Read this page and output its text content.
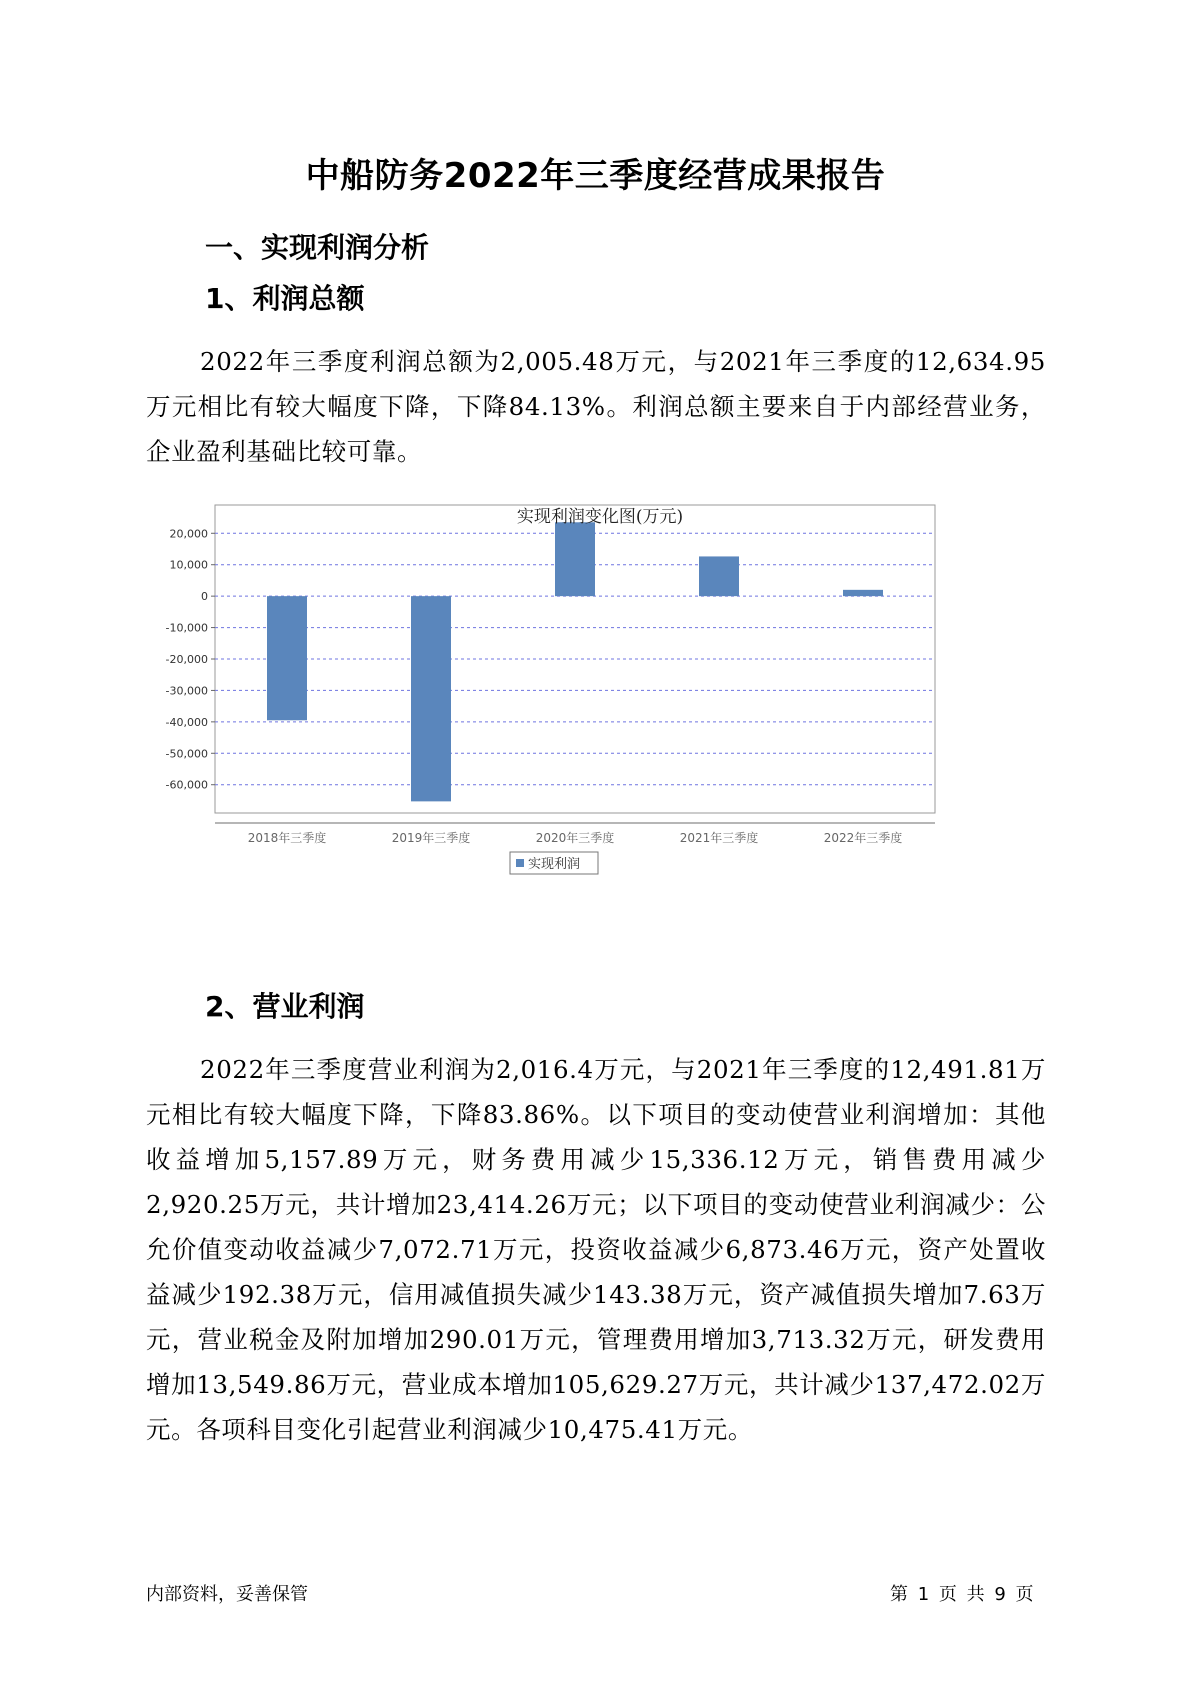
中船防务2022年三季度经营成果报告
一、实现利润分析
1、利润总额
2022年三季度利润总额为2,005.48万元，与2021年三季度的12,634.95万元相比有较大幅度下降，下降84.13%。利润总额主要来自于内部经营业务，企业盈利基础比较可靠。
实现利润变化图(万元)
20,000
10,000
0
-10,000
-20,000
-30,000
-40,000
-50,000
-60,000
2018年三季度	2019年三季度	2020年三季度	2021年三季度	2022年三季度
实现利润
2、营业利润
2022年三季度营业利润为2,016.4万元，与2021年三季度的12,491.81万元相比有较大幅度下降，下降83.86%。以下项目的变动使营业利润增加：其他收益增加5,157.89万元，财务费用减少15,336.12万元，销售费用减少2,920.25万元，共计增加23,414.26万元；以下项目的变动使营业利润减少：公允价值变动收益减少7,072.71万元，投资收益减少6,873.46万元，资产处置收益减少192.38万元，信用减值损失减少143.38万元，资产减值损失增加7.63万元，营业税金及附加增加290.01万元，管理费用增加3,713.32万元，研发费用增加13,549.86万元，营业成本增加105,629.27万元，共计减少137,472.02万元。各项科目变化引起营业利润减少10,475.41万元。
内部资料，妥善保管	第 1 页 共 9 页
